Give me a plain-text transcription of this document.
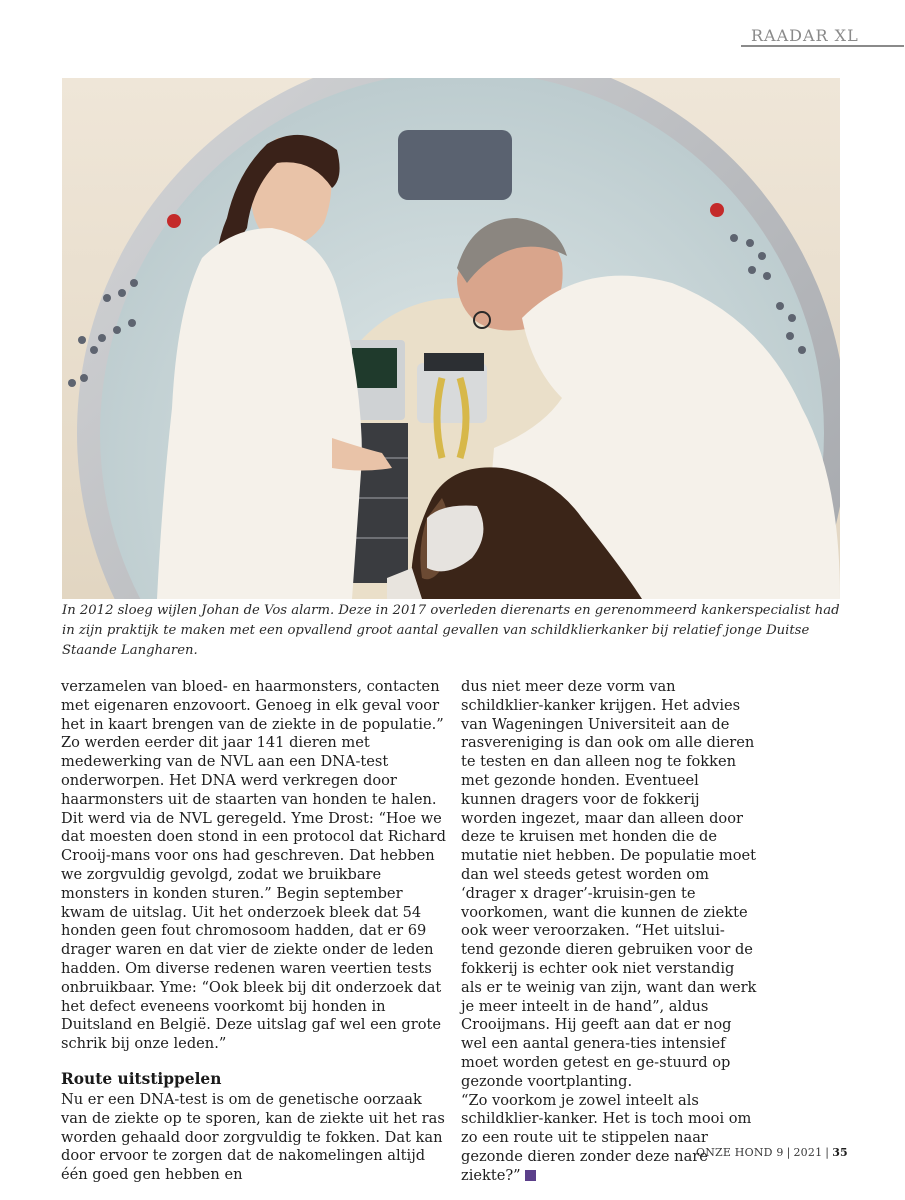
RAADAR XL

In 2012 sloeg wijlen Johan de Vos alarm. Deze in 2017 overleden dierenarts en gerenommeerd kankerspecialist had in zijn praktijk te maken met een opvallend groot aantal gevallen van schildklierkanker bij relatief jonge Duitse Staande Langharen.

verzamelen van bloed- en haarmonsters, contacten met eigenaren enzovoort. Genoeg in elk geval voor het in kaart brengen van de ziekte in de populatie.” Zo werden eerder dit jaar 141 dieren met medewerking van de NVL aan een DNA-test onderworpen. Het DNA werd verkregen door haarmonsters uit de staarten van honden te halen. Dit werd via de NVL geregeld. Yme Drost: “Hoe we dat moesten doen stond in een protocol dat Richard Crooij-mans voor ons had geschreven. Dat hebben we zorgvuldig gevolgd, zodat we bruikbare monsters in konden sturen.” Begin september kwam de uitslag. Uit het onderzoek bleek dat 54 honden geen fout chromosoom hadden, dat er 69 drager waren en dat vier de ziekte onder de leden hadden. Om diverse redenen waren veertien tests onbruikbaar. Yme: “Ook bleek bij dit onderzoek dat het defect eveneens voorkomt bij honden in Duitsland en België. Deze uitslag gaf wel een grote schrik bij onze leden.”

Route uitstippelen

Nu er een DNA-test is om de genetische oorzaak van de ziekte op te sporen, kan de ziekte uit het ras worden gehaald door zorgvuldig te fokken. Dat kan door ervoor te zorgen dat de nakomelingen altijd één goed gen hebben en

dus niet meer deze vorm van schildklier-kanker krijgen. Het advies van Wageningen Universiteit aan de rasvereniging is dan ook om alle dieren te testen en dan alleen nog te fokken met gezonde honden. Eventueel kunnen dragers voor de fokkerij worden ingezet, maar dan alleen door deze te kruisen met honden die de mutatie niet hebben. De populatie moet dan wel steeds getest worden om ‘drager x drager’-kruisin-gen te voorkomen, want die kunnen de ziekte ook weer veroorzaken. “Het uitslui-tend gezonde dieren gebruiken voor de fokkerij is echter ook niet verstandig als er te weinig van zijn, want dan werk je meer inteelt in de hand”, aldus Crooijmans. Hij geeft aan dat er nog wel een aantal genera-ties intensief moet worden getest en ge-stuurd op gezonde voortplanting.

“Zo voorkom je zowel inteelt als schildklier-kanker. Het is toch mooi om zo een route uit te stippelen naar gezonde dieren zonder deze nare ziekte?”

ONZE HOND 9 | 2021 | 35
